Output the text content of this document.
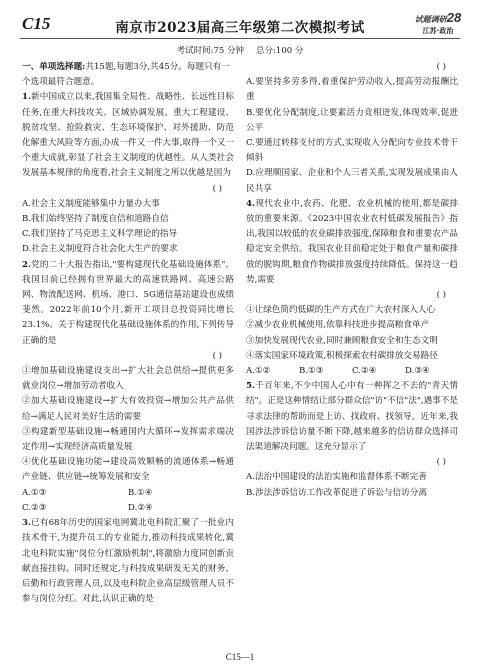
C15	南京市2023届高三年级第二次模拟考试
试题调研28
江苏·政治
考试时间:75 分钟 总分:100 分

一、单项选择题:共15题,每题3分,共45分。每题只有一个选项最符合题意。

1.新中国成立以来,我国集全局性、战略性、长远性目标任务,在重大科技攻关、区域协调发展、重大工程建设、脱贫攻坚、抢险救灾、生态环境保护、对外援助、防范化解重大风险等方面,办成一件又一件大事,取得一个又一个重大成就,彰显了社会主义制度的优越性。从人类社会发展基本规律的角度看,社会主义制度之所以优越是因为

( )
A.社会主义制度能够集中力量办大事
B.我们始终坚持了制度自信和道路自信
C.我们坚持了马克思主义科学理论的指导
D.社会主义制度符合社会化大生产的要求

2.党的二十大报告指出,"要构建现代化基础设施体系"。我国目前已经拥有世界最大的高速铁路网、高速公路网、物流配送网、机场、港口、5G通信基站建设也成绩斐然。2022年前10个月,新开工项目总投资同比增长23.1%。关于构建现代化基础设施体系的作用,下列传导正确的是

( )
①增加基础设施建设支出→扩大社会总供给→提供更多就业岗位→增加劳动者收入
②加大基础设施建设→扩大有效投资→增加公共产品供给→满足人民对美好生活的需要
③构建新型基础设施→畅通国内大循环→发挥需求端决定作用→实现经济高质量发展
④优化基础设施功能→建设高效顺畅的流通体系→畅通产业链、供应链→统筹发展和安全
A.①③	B.①④
C.②③	D.②④

3.已有68年历史的国家电网冀北电科院汇聚了一批业内技术骨干,为提升员工的专业能力,推动科技成果转化,冀北电科院实施"岗位分红激励机制",将激励力度同创新贡献直接挂钩。同时还规定,与科技成果研发无关的财务、后勤和行政管理人员,以及电科院企业高层级管理人员不参与岗位分红。对此,认识正确的是

( )
A.要坚持多劳多得,着重保护劳动收入,提高劳动报酬比重
B.要优化分配制度,让要素活力竞相迸发,体现效率,促进公平
C.要通过转移支付的方式,实现收入分配向专业技术骨干倾斜
D.应理顺国家、企业和个人三者关系,实现发展成果由人民共享

4.现代农业中,农药、化肥、农业机械的使用,都是碳排放的重要来源。《2023中国农业农村低碳发展报告》指出,我国以较低的农业碳排放强度,保障粮食和重要农产品稳定安全供给。我国农业目前稳定处于粮食产量和碳排放的脱钩期,粮食作物碳排放强度持续降低。保持这一趋势,需要

( )
①让绿色简约低碳的生产方式在广大农村深入人心
②减少农业机械使用,依靠科技进步提高粮食单产
③加快发展现代农业,同时兼顾粮食安全和生态文明
④落实国家环境政策,积极探索农村碳排放交易路径
A.①②	B.①③	C.②④	D.③④

5.千百年来,不少中国人心中有一种挥之不去的"青天情结"。正是这种情结让部分群众信"访"不信"法",遇事不是寻求法律的帮助而是上访、找政府、找领导。近年来,我国涉法涉诉信访量不断下降,越来越多的信访群众选择司法渠道解决问题。这充分显示了

( )
A.法治中国建设的法治实施和监督体系不断完善
B.涉法涉诉信访工作改革促进了诉讼与信访分离
C15—1
